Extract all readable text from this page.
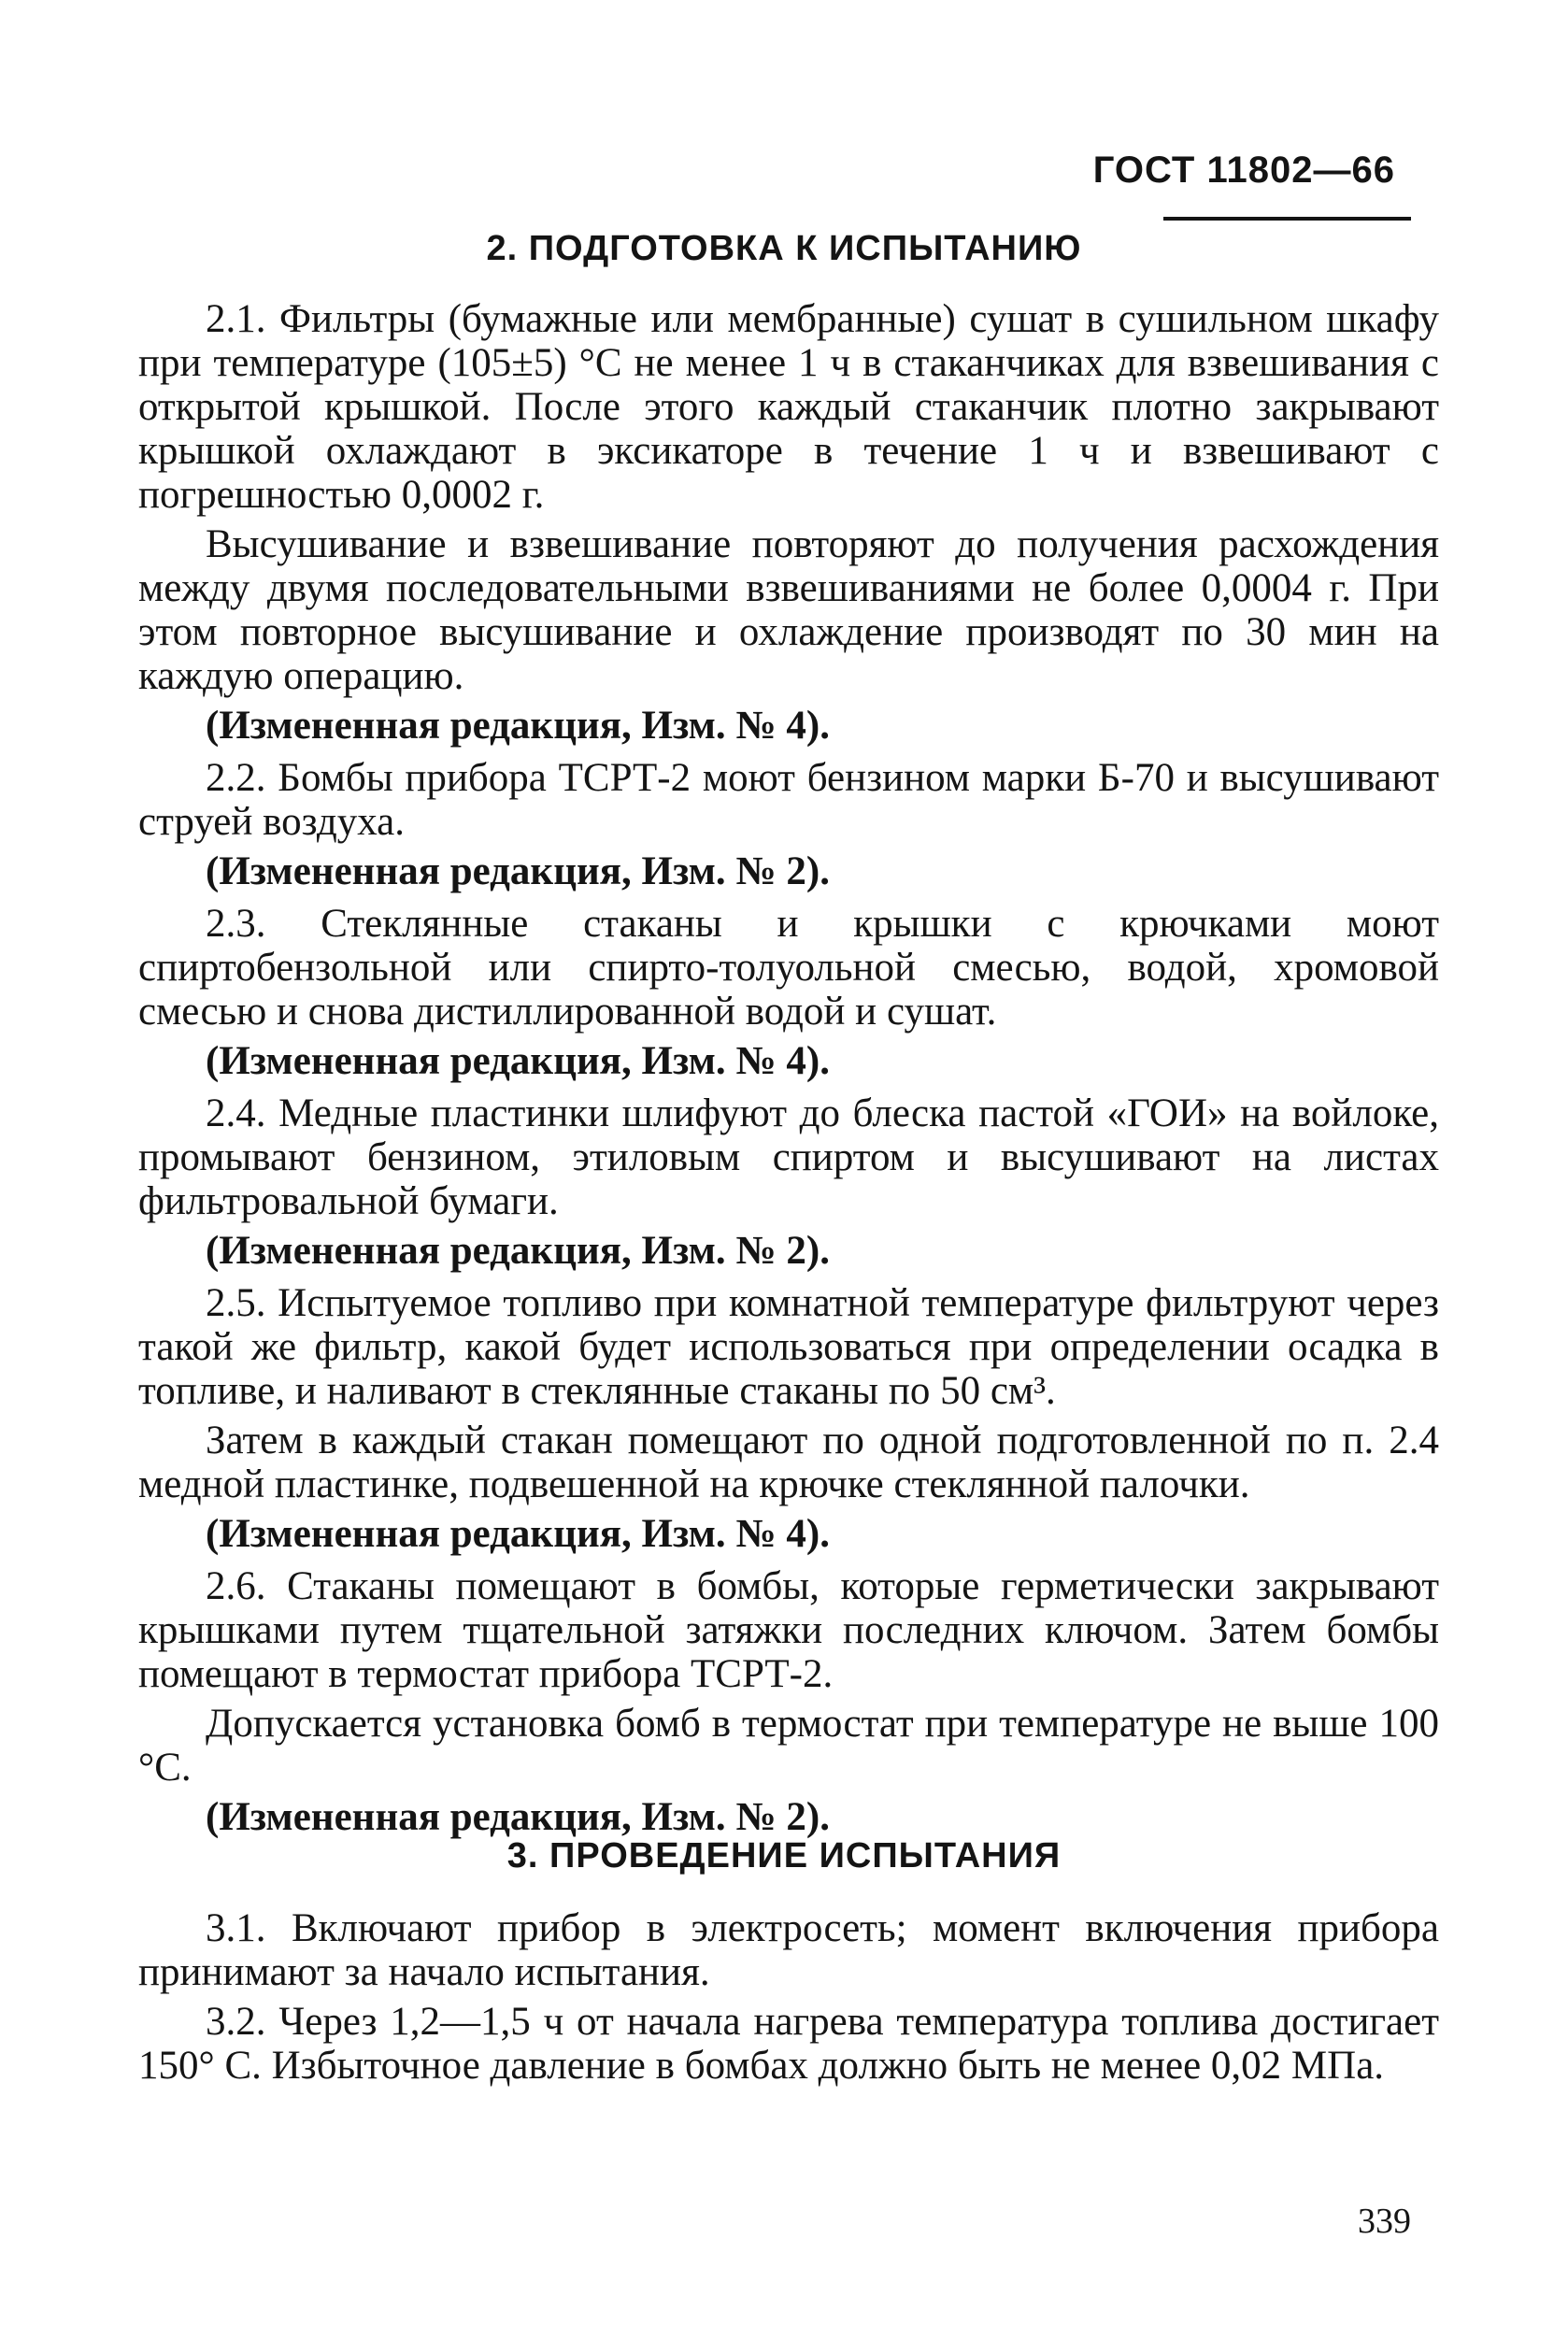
ГОСТ 11802—66
2. ПОДГОТОВКА К ИСПЫТАНИЮ

2.1. Фильтры (бумажные или мембранные) сушат в сушильном шкафу при температуре (105±5) °С не менее 1 ч в стаканчиках для взвешивания с открытой крышкой. После этого каждый стаканчик плотно закрывают крышкой охлаждают в эксикаторе в течение 1 ч и взвешивают с погрешностью 0,0002 г.

Высушивание и взвешивание повторяют до получения расхождения между двумя последовательными взвешиваниями не более 0,0004 г. При этом повторное высушивание и охлаждение производят по 30 мин на каждую операцию.

(Измененная редакция, Изм. № 4).

2.2. Бомбы прибора ТСРТ-2 моют бензином марки Б-70 и высушивают струей воздуха.

(Измененная редакция, Изм. № 2).

2.3. Стеклянные стаканы и крышки с крючками моют спиртобензольной или спирто-толуольной смесью, водой, хромовой смесью и снова дистиллированной водой и сушат.

(Измененная редакция, Изм. № 4).

2.4. Медные пластинки шлифуют до блеска пастой «ГОИ» на войлоке, промывают бензином, этиловым спиртом и высушивают на листах фильтровальной бумаги.

(Измененная редакция, Изм. № 2).

2.5. Испытуемое топливо при комнатной температуре фильтруют через такой же фильтр, какой будет использоваться при определении осадка в топливе, и наливают в стеклянные стаканы по 50 см³.

Затем в каждый стакан помещают по одной подготовленной по п. 2.4 медной пластинке, подвешенной на крючке стеклянной палочки.

(Измененная редакция, Изм. № 4).

2.6. Стаканы помещают в бомбы, которые герметически закрывают крышками путем тщательной затяжки последних ключом. Затем бомбы помещают в термостат прибора ТСРТ-2.

Допускается установка бомб в термостат при температуре не выше 100 °С.

(Измененная редакция, Изм. № 2).

3. ПРОВЕДЕНИЕ ИСПЫТАНИЯ

3.1. Включают прибор в электросеть; момент включения прибора принимают за начало испытания.

3.2. Через 1,2—1,5 ч от начала нагрева температура топлива достигает 150° С. Избыточное давление в бомбах должно быть не менее 0,02 МПа.

339
